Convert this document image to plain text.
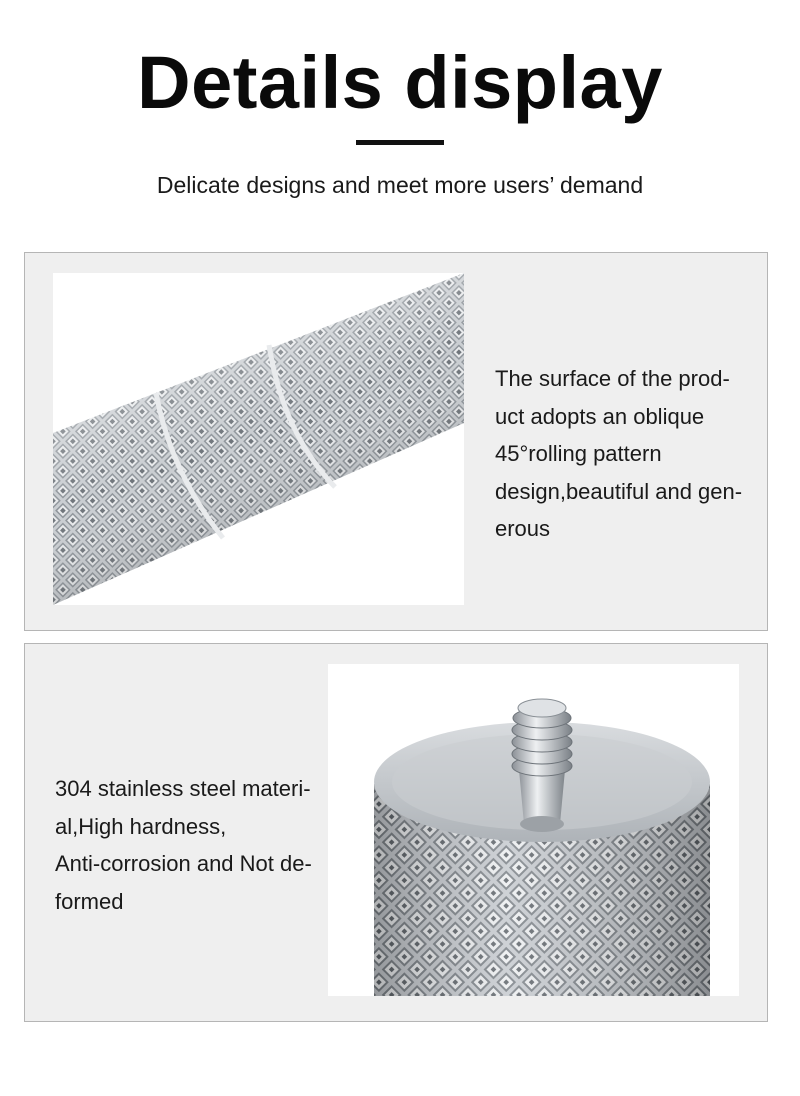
Details display
Delicate designs and meet more users’ demand
The surface of the prod-
uct adopts an oblique
45°rolling pattern
design,beautiful and gen-
erous
304 stainless steel materi-
al,High hardness,
Anti-corrosion and Not de-
formed
